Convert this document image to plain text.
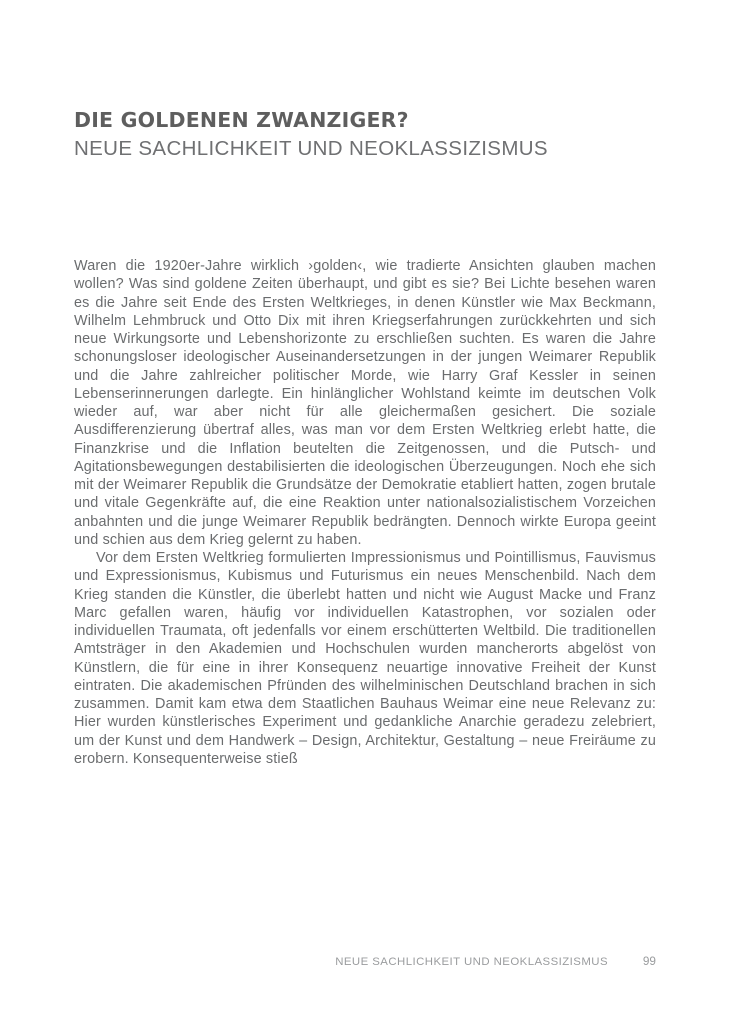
DIE GOLDENEN ZWANZIGER?
NEUE SACHLICHKEIT UND NEOKLASSIZISMUS

Waren die 1920er-Jahre wirklich ›golden‹, wie tradierte Ansichten glauben machen wollen? Was sind goldene Zeiten überhaupt, und gibt es sie? Bei Lichte besehen waren es die Jahre seit Ende des Ersten Weltkrieges, in denen Künstler wie Max Beckmann, Wilhelm Lehmbruck und Otto Dix mit ihren Kriegserfahrungen zurückkehrten und sich neue Wirkungsorte und Lebenshorizonte zu erschließen suchten. Es waren die Jahre schonungsloser ideologischer Auseinandersetzungen in der jungen Weimarer Republik und die Jahre zahlreicher politischer Morde, wie Harry Graf Kessler in seinen Lebenserinnerungen darlegte. Ein hinlänglicher Wohlstand keimte im deutschen Volk wieder auf, war aber nicht für alle gleichermaßen gesichert. Die soziale Ausdifferenzierung übertraf alles, was man vor dem Ersten Weltkrieg erlebt hatte, die Finanzkrise und die Inflation beutelten die Zeitgenossen, und die Putsch- und Agitationsbewegungen destabilisierten die ideologischen Überzeugungen. Noch ehe sich mit der Weimarer Republik die Grundsätze der Demokratie etabliert hatten, zogen brutale und vitale Gegenkräfte auf, die eine Reaktion unter nationalsozialistischem Vorzeichen anbahnten und die junge Weimarer Republik bedrängten. Dennoch wirkte Europa geeint und schien aus dem Krieg gelernt zu haben.

Vor dem Ersten Weltkrieg formulierten Impressionismus und Pointillismus, Fauvismus und Expressionismus, Kubismus und Futurismus ein neues Menschenbild. Nach dem Krieg standen die Künstler, die überlebt hatten und nicht wie August Macke und Franz Marc gefallen waren, häufig vor individuellen Katastrophen, vor sozialen oder individuellen Traumata, oft jedenfalls vor einem erschütterten Weltbild. Die traditionellen Amtsträger in den Akademien und Hochschulen wurden mancherorts abgelöst von Künstlern, die für eine in ihrer Konsequenz neuartige innovative Freiheit der Kunst eintraten. Die akademischen Pfründen des wilhelminischen Deutschland brachen in sich zusammen. Damit kam etwa dem Staatlichen Bauhaus Weimar eine neue Relevanz zu: Hier wurden künstlerisches Experiment und gedankliche Anarchie geradezu zelebriert, um der Kunst und dem Handwerk – Design, Architektur, Gestaltung – neue Freiräume zu erobern. Konsequenterweise stieß

NEUE SACHLICHKEIT UND NEOKLASSIZISMUS	99
